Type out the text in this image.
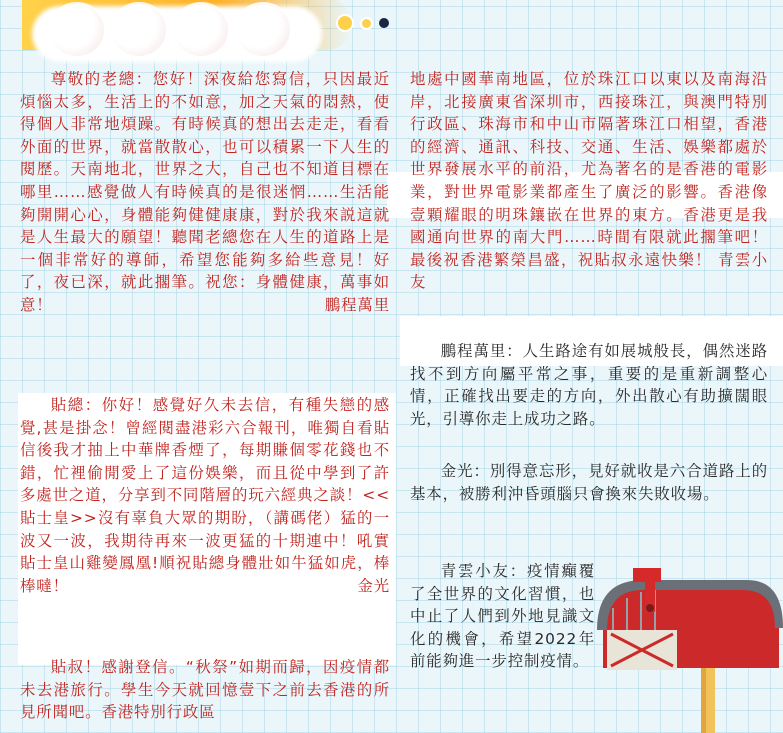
尊敬的老總：您好！深夜給您寫信，只因最近煩惱太多，生活上的不如意，加之天氣的悶熱，使得個人非常地煩躁。有時候真的想出去走走，看看外面的世界，就當散散心，也可以積累一下人生的閱歷。天南地北，世界之大，自己也不知道目標在哪里……感覺做人有時候真的是很迷惘……生活能夠開開心心，身體能夠健健康康，對於我來説這就是人生最大的願望！聽聞老總您在人生的道路上是一個非常好的導師，希望您能夠多給些意見！好了，夜已深，就此擱筆。祝您：身體健康，萬事如意！	鵬程萬里

貼總：你好！感覺好久未去信，有種失戀的感覺,甚是掛念！曾經閱盡港彩六合報刊，唯獨自看貼信後我才抽上中華牌香煙了，每期賺個零花錢也不錯，忙裡偷閒愛上了這份娛樂，而且從中學到了許多處世之道，分享到不同階層的玩六經典之談！<<貼士皇>>沒有辜負大眾的期盼，（講碼佬）猛的一波又一波，我期待再來一波更猛的十期連中！吼實貼士皇山雞變鳳凰!順祝貼總身體壯如牛猛如虎，棒棒噠！	金光

貼叔！感謝登信。“秋祭”如期而歸，因疫情都未去港旅行。學生今天就回憶壹下之前去香港的所見所聞吧。香港特別行政區

地處中國華南地區，位於珠江口以東以及南海沿岸，北接廣東省深圳市，西接珠江，與澳門特別行政區、珠海市和中山市隔著珠江口相望，香港的經濟、通訊、科技、交通、生活、娛樂都處於世界發展水平的前沿，尤為著名的是香港的電影業，對世界電影業都產生了廣泛的影響。香港像壹顆耀眼的明珠鑲嵌在世界的東方。香港更是我國通向世界的南大門……時間有限就此擱筆吧！最後祝香港繁榮昌盛，祝貼叔永遠快樂！ 青雲小友

鵬程萬里：人生路途有如展城般長，偶然迷路找不到方向屬平常之事，重要的是重新調整心情，正確找出要走的方向，外出散心有助擴闊眼光，引導你走上成功之路。

金光：別得意忘形，見好就收是六合道路上的基本，被勝利沖昏頭腦只會換來失敗收場。

青雲小友：疫情癲覆了全世界的文化習慣，也中止了人們到外地見識文化的機會，希望2022年前能夠進一步控制疫情。
